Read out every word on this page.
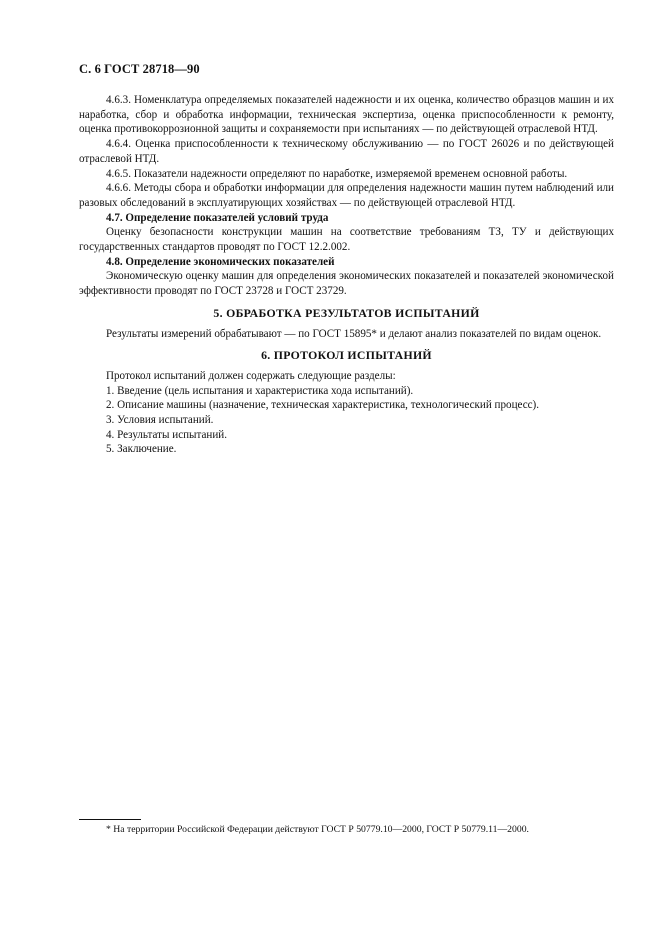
С. 6 ГОСТ 28718—90

4.6.3. Номенклатура определяемых показателей надежности и их оценка, количество образцов машин и их наработка, сбор и обработка информации, техническая экспертиза, оценка приспособленности к ремонту, оценка противокоррозионной защиты и сохраняемости при испытаниях — по действующей отраслевой НТД.

4.6.4. Оценка приспособленности к техническому обслуживанию — по ГОСТ 26026 и по действующей отраслевой НТД.

4.6.5. Показатели надежности определяют по наработке, измеряемой временем основной работы.

4.6.6. Методы сбора и обработки информации для определения надежности машин путем наблюдений или разовых обследований в эксплуатирующих хозяйствах — по действующей отраслевой НТД.

4.7. Определение показателей условий труда

Оценку безопасности конструкции машин на соответствие требованиям ТЗ, ТУ и действующих государственных стандартов проводят по ГОСТ 12.2.002.

4.8. Определение экономических показателей

Экономическую оценку машин для определения экономических показателей и показателей экономической эффективности проводят по ГОСТ 23728 и ГОСТ 23729.

5. ОБРАБОТКА РЕЗУЛЬТАТОВ ИСПЫТАНИЙ

Результаты измерений обрабатывают — по ГОСТ 15895* и делают анализ показателей по видам оценок.

6. ПРОТОКОЛ ИСПЫТАНИЙ

Протокол испытаний должен содержать следующие разделы:

1. Введение (цель испытания и характеристика хода испытаний).
2. Описание машины (назначение, техническая характеристика, технологический процесс).
3. Условия испытаний.
4. Результаты испытаний.
5. Заключение.
* На территории Российской Федерации действуют ГОСТ Р 50779.10—2000, ГОСТ Р 50779.11—2000.
